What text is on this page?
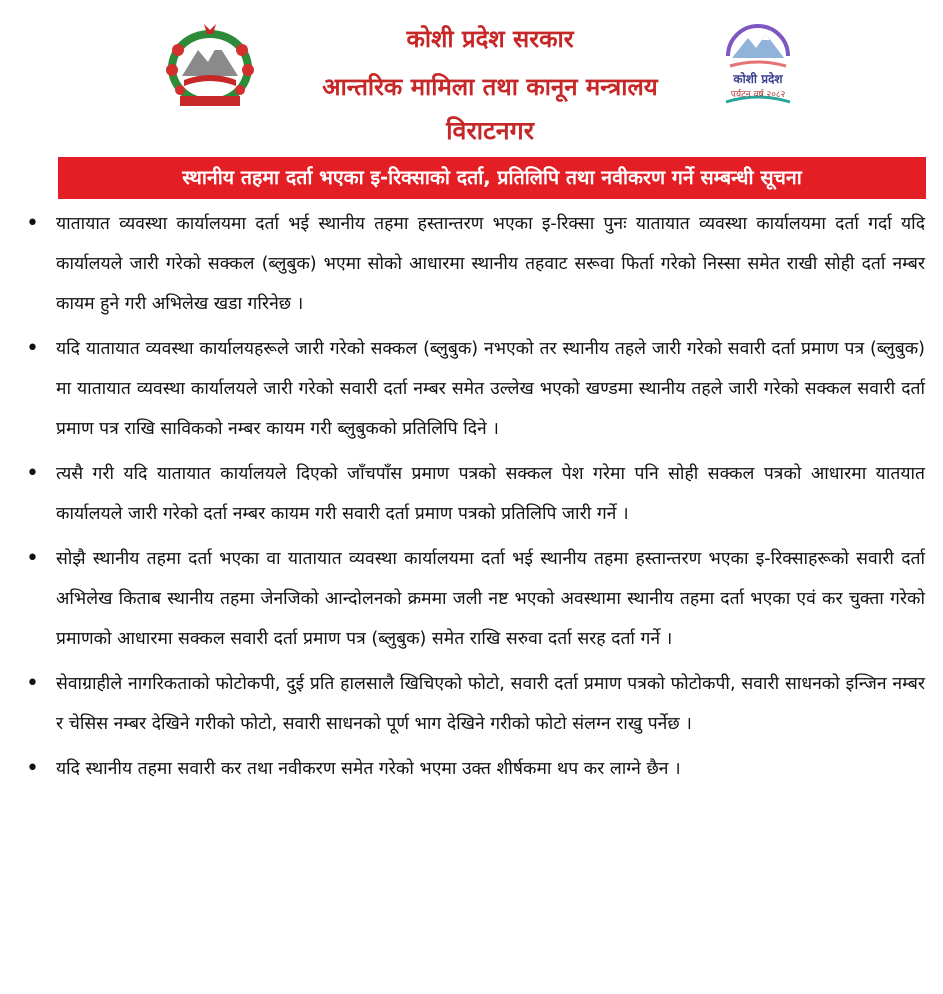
कोशी प्रदेश सरकार
आन्तरिक मामिला तथा कानून मन्त्रालय
विराटनगर
कोशी प्रदेश
पर्यटन वर्ष २०८२
स्थानीय तहमा दर्ता भएका इ-रिक्साको दर्ता, प्रतिलिपि तथा नवीकरण गर्ने सम्बन्धी सूचना
• यातायात व्यवस्था कार्यालयमा दर्ता भई स्थानीय तहमा हस्तान्तरण भएका इ-रिक्सा पुनः यातायात व्यवस्था कार्यालयमा दर्ता गर्दा यदि कार्यालयले जारी गरेको सक्कल (ब्लुबुक) भएमा सोको आधारमा स्थानीय तहवाट सरूवा फिर्ता गरेको निस्सा समेत राखी सोही दर्ता नम्बर कायम हुने गरी अभिलेख खडा गरिनेछ ।
• यदि यातायात व्यवस्था कार्यालयहरूले जारी गरेको सक्कल (ब्लुबुक) नभएको तर स्थानीय तहले जारी गरेको सवारी दर्ता प्रमाण पत्र (ब्लुबुक) मा यातायात व्यवस्था कार्यालयले जारी गरेको सवारी दर्ता नम्बर समेत उल्लेख भएको खण्डमा स्थानीय तहले जारी गरेको सक्कल सवारी दर्ता प्रमाण पत्र राखि साविकको नम्बर कायम गरी ब्लुबुकको प्रतिलिपि दिने ।
• त्यसै गरी यदि यातायात कार्यालयले दिएको जाँचपाँस प्रमाण पत्रको सक्कल पेश गरेमा पनि सोही सक्कल पत्रको आधारमा यातयात कार्यालयले जारी गरेको दर्ता नम्बर कायम गरी सवारी दर्ता प्रमाण पत्रको प्रतिलिपि जारी गर्ने ।
• सोझै स्थानीय तहमा दर्ता भएका वा यातायात व्यवस्था कार्यालयमा दर्ता भई स्थानीय तहमा हस्तान्तरण भएका इ-रिक्साहरूको सवारी दर्ता अभिलेख किताब स्थानीय तहमा जेनजिको आन्दोलनको क्रममा जली नष्ट भएको अवस्थामा स्थानीय तहमा दर्ता भएका एवं कर चुक्ता गरेको प्रमाणको आधारमा सक्कल सवारी दर्ता प्रमाण पत्र (ब्लुबुक) समेत राखि सरुवा दर्ता सरह दर्ता गर्ने ।
• सेवाग्राहीले नागरिकताको फोटोकपी, दुई प्रति हालसालै खिचिएको फोटो, सवारी दर्ता प्रमाण पत्रको फोटोकपी, सवारी साधनको इन्जिन नम्बर र चेसिस नम्बर देखिने गरीको फोटो, सवारी साधनको पूर्ण भाग देखिने गरीको फोटो संलग्न राखु पर्नेछ ।
• यदि स्थानीय तहमा सवारी कर तथा नवीकरण समेत गरेको भएमा उक्त शीर्षकमा थप कर लाग्ने छैन ।
